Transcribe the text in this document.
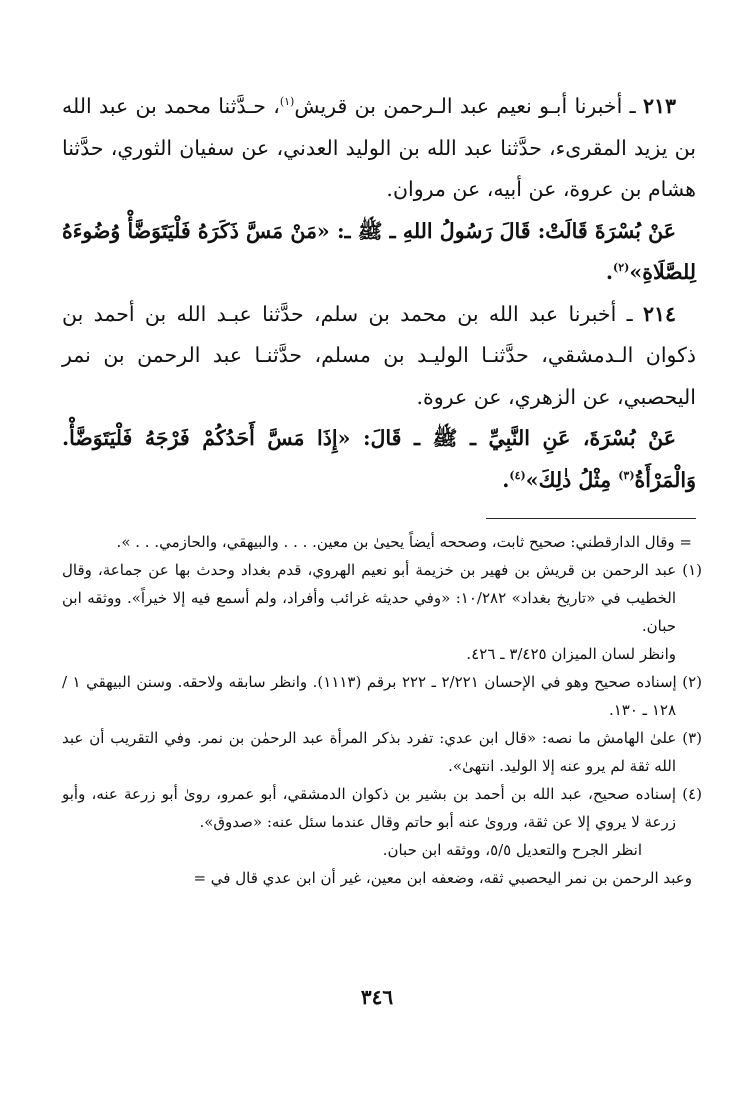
٢١٣ ـ أخبرنا أبـو نعيم عبد الـرحمن بن قريش$^{(١)}$، حـدَّثنا محمد بن عبد الله بن يزيد المقرىء، حدَّثنا عبد الله بن الوليد العدني، عن سفيان الثوري، حدَّثنا هشام بن عروة، عن أبيه، عن مروان.

عَنْ بُسْرَةَ قَالَتْ: قَالَ رَسُولُ اللهِ ـ ﷺ ـ: «مَنْ مَسَّ ذَكَرَهُ فَلْيَتَوَضَّأْ وُضُوءَهُ لِلصَّلَاةِ»$^{(٢)}$.

٢١٤ ـ أخبرنا عبد الله بن محمد بن سلم، حدَّثنا عبـد الله بن أحمد بن ذكوان الـدمشقي، حدَّثنـا الوليـد بن مسلم، حدَّثنـا عبد الرحمن بن نمر اليحصبي، عن الزهري، عن عروة.

عَنْ بُسْرَةَ، عَنِ النَّبِيِّ ـ ﷺ ـ قَالَ: «إِذَا مَسَّ أَحَدُكُمْ فَرْجَهُ فَلْيَتَوَضَّأْ. وَالْمَرْأَةُ$^{(٣)}$ مِثْلُ ذٰلِكَ»$^{(٤)}$.

= وقال الدارقطني: صحيح ثابت، وصححه أيضاً يحيىٰ بن معين. . . . والبيهقي، والحازمي. . . ».

(١) عبد الرحمن بن قريش بن فهير بن خزيمة أبو نعيم الهروي، قدم بغداد وحدث بها عن جماعة، وقال الخطيب في «تاريخ بغداد» ١٠/٢٨٢: «وفي حديثه غرائب وأفراد، ولم أسمع فيه إلا خيراً». ووثقه ابن حبان.

وانظر لسان الميزان ٣/٤٢٥ ـ ٤٢٦.

(٢) إسناده صحيح وهو في الإحسان ٢/٢٢١ ـ ٢٢٢ برقم (١١١٣). وانظر سابقه ولاحقه. وسنن البيهقي ١ / ١٢٨ ـ ١٣٠.

(٣) علىٰ الهامش ما نصه: «قال ابن عدي: تفرد بذكر المرأة عبد الرحمٰن بن نمر. وفي التقريب أن عبد الله ثقة لم يرو عنه إلا الوليد. انتهىٰ».

(٤) إسناده صحيح، عبد الله بن أحمد بن بشير بن ذكوان الدمشقي، أبو عمرو، روىٰ أبو زرعة عنه، وأبو زرعة لا يروي إلا عن ثقة، وروىٰ عنه أبو حاتم وقال عندما سئل عنه: «صدوق».

انظر الجرح والتعديل ٥/٥، ووثقه ابن حبان.

وعبد الرحمن بن نمر اليحصبي ثقه، وضعفه ابن معين، غير أن ابن عدي قال في =

٣٤٦
